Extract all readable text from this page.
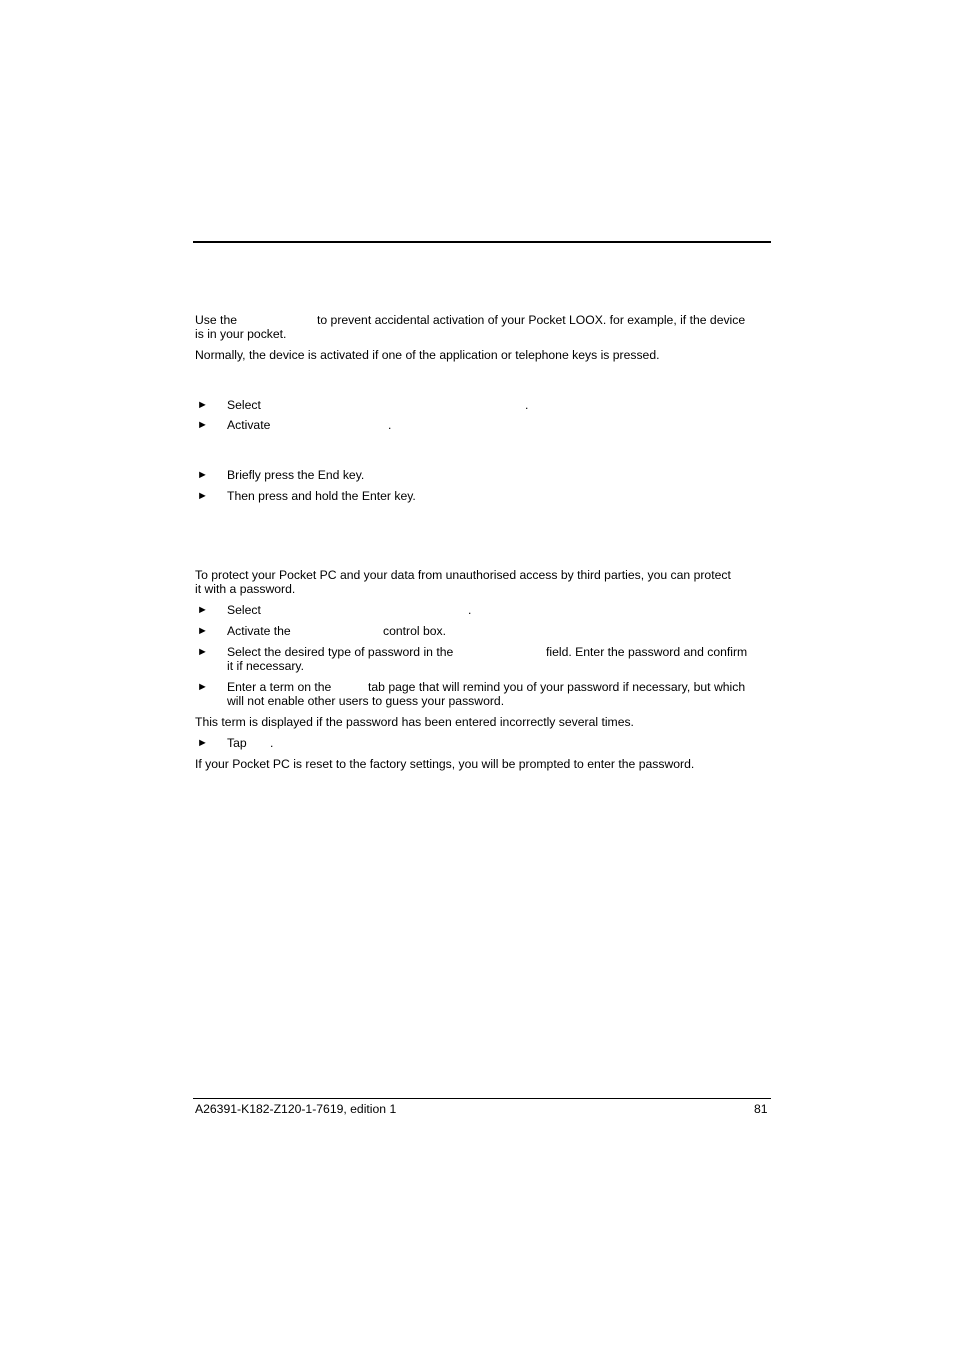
Use the	to prevent accidental activation of your Pocket LOOX. for example, if the device
is in your pocket.
Normally, the device is activated if one of the application or telephone keys is pressed.
► Select	.
► Activate	.
► Briefly press the End key.
► Then press and hold the Enter key.
To protect your Pocket PC and your data from unauthorised access by third parties, you can protect
it with a password.
► Select	.
► Activate the	control box.
► Select the desired type of password in the	field. Enter the password and confirm
it if necessary.
► Enter a term on the	tab page that will remind you of your password if necessary, but which
will not enable other users to guess your password.
This term is displayed if the password has been entered incorrectly several times.
► Tap .
If your Pocket PC is reset to the factory settings, you will be prompted to enter the password.
A26391-K182-Z120-1-7619, edition 1	81
